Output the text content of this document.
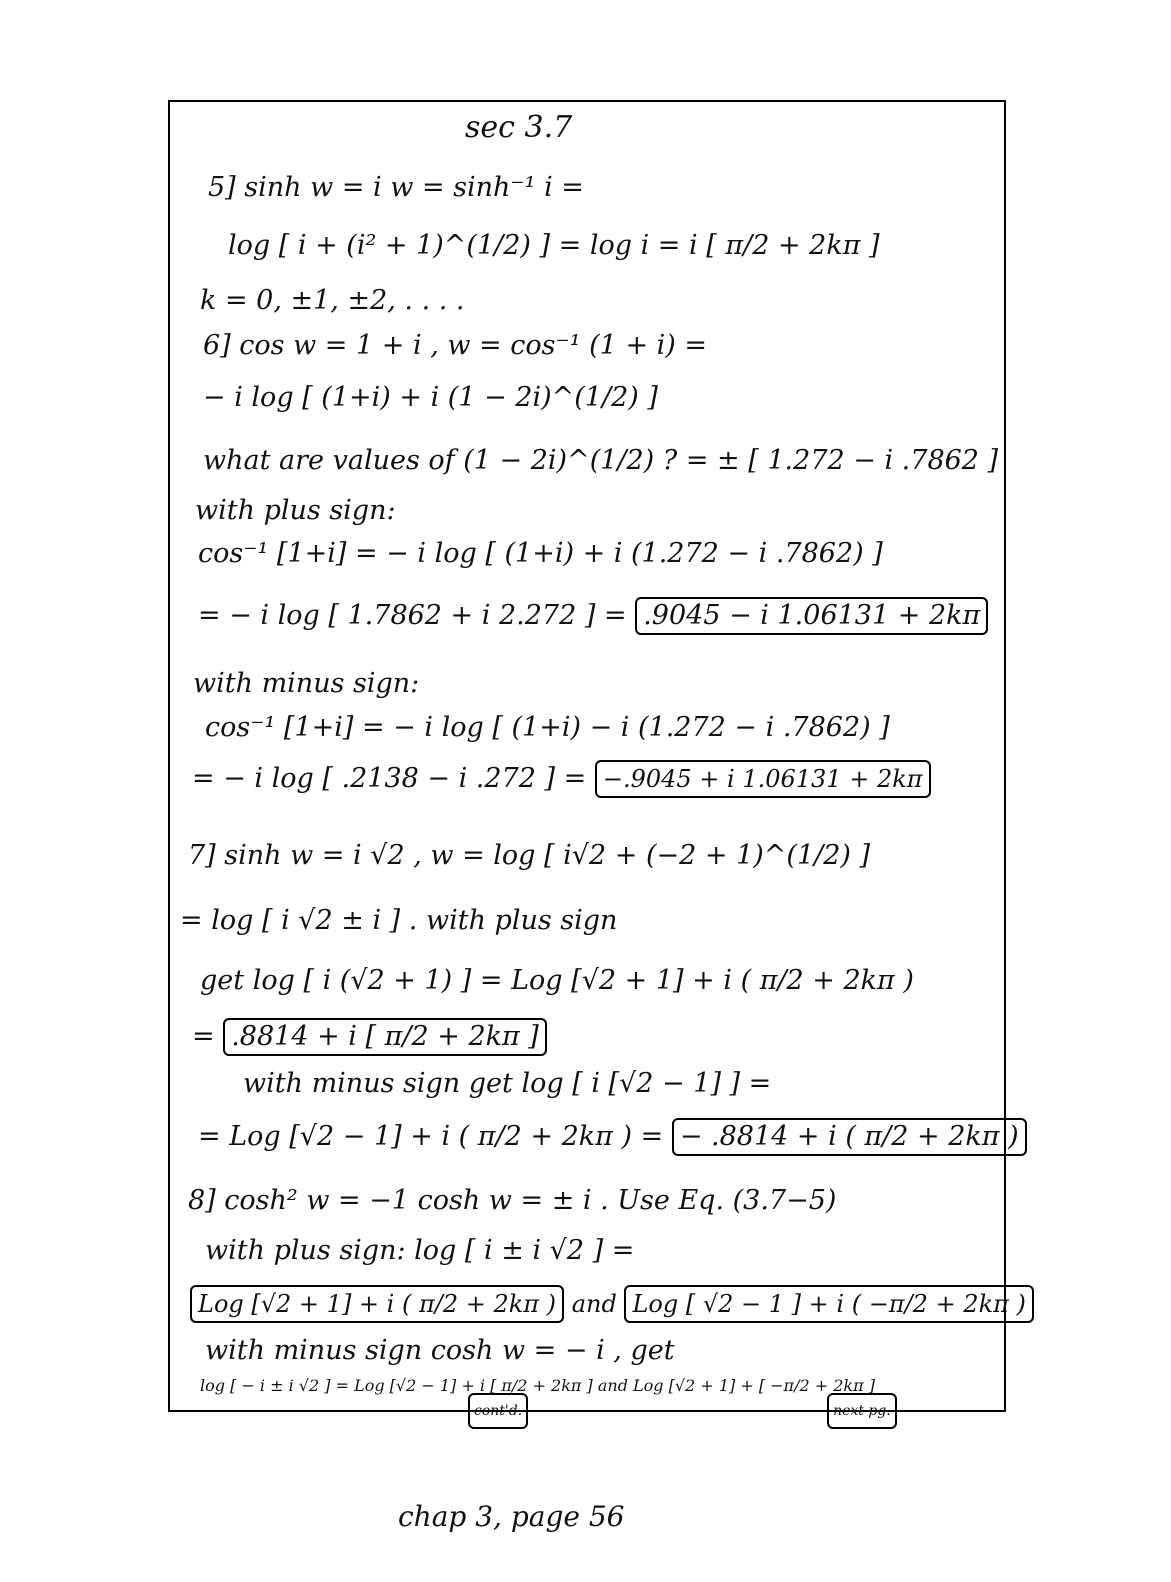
sec 3.7
5] sinh w = i w = sinh⁻¹ i =
log [ i + (i² + 1)^(1/2) ] = log i = i [ π/2 + 2kπ ]
k = 0, ±1, ±2, . . . .
6] cos w = 1 + i , w = cos⁻¹ (1 + i) =
− i log [ (1+i) + i (1 − 2i)^(1/2) ]
what are values of (1 − 2i)^(1/2) ? = ± [ 1.272 − i .7862 ]
with plus sign:
cos⁻¹ [1+i] = − i log [ (1+i) + i (1.272 − i .7862) ]
= − i log [ 1.7862 + i 2.272 ] = .9045 − i 1.06131 + 2kπ
with minus sign:
cos⁻¹ [1+i] = − i log [ (1+i) − i (1.272 − i .7862) ]
= − i log [ .2138 − i .272 ] = −.9045 + i 1.06131 + 2kπ
7] sinh w = i √2 , w = log [ i√2 + (−2 + 1)^(1/2) ]
= log [ i √2 ± i ] . with plus sign
get log [ i (√2 + 1) ] = Log [√2 + 1] + i ( π/2 + 2kπ )
= .8814 + i [ π/2 + 2kπ ]
with minus sign get log [ i [√2 − 1] ] =
= Log [√2 − 1] + i ( π/2 + 2kπ ) = − .8814 + i ( π/2 + 2kπ )
8] cosh² w = −1 cosh w = ± i . Use Eq. (3.7−5)
with plus sign: log [ i ± i √2 ] =
Log [√2 + 1] + i ( π/2 + 2kπ ) and Log [ √2 − 1 ] + i ( −π/2 + 2kπ )
with minus sign cosh w = − i , get
log [ − i ± i √2 ] = Log [√2 − 1] + i [ π/2 + 2kπ ] and Log [√2 + 1] + [ −π/2 + 2kπ ]
cont'd.	next pg.
chap 3, page 56
